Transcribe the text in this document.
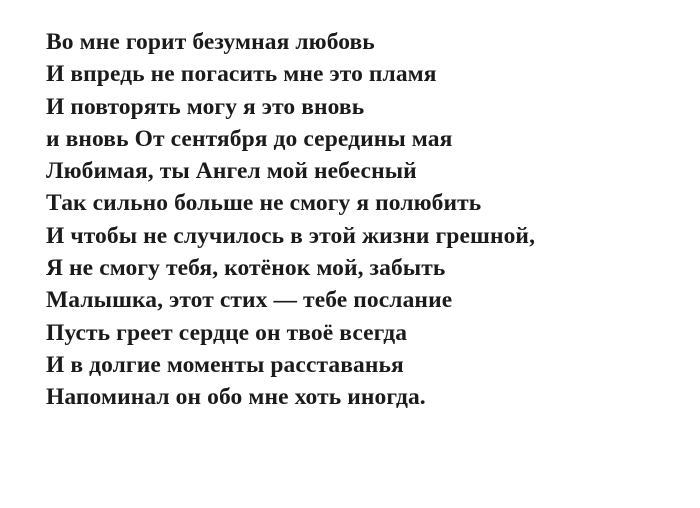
Во мне горит безумная любовь
И впредь не погасить мне это пламя
И повторять могу я это вновь
и вновь От сентября до середины мая
Любимая, ты Ангел мой небесный
Так сильно больше не смогу я полюбить
И чтобы не случилось в этой жизни грешной,
Я не смогу тебя, котёнок мой, забыть
Малышка, этот стих — тебе послание
Пусть греет сердце он твоё всегда
И в долгие моменты расставанья
Напоминал он обо мне хоть иногда.
